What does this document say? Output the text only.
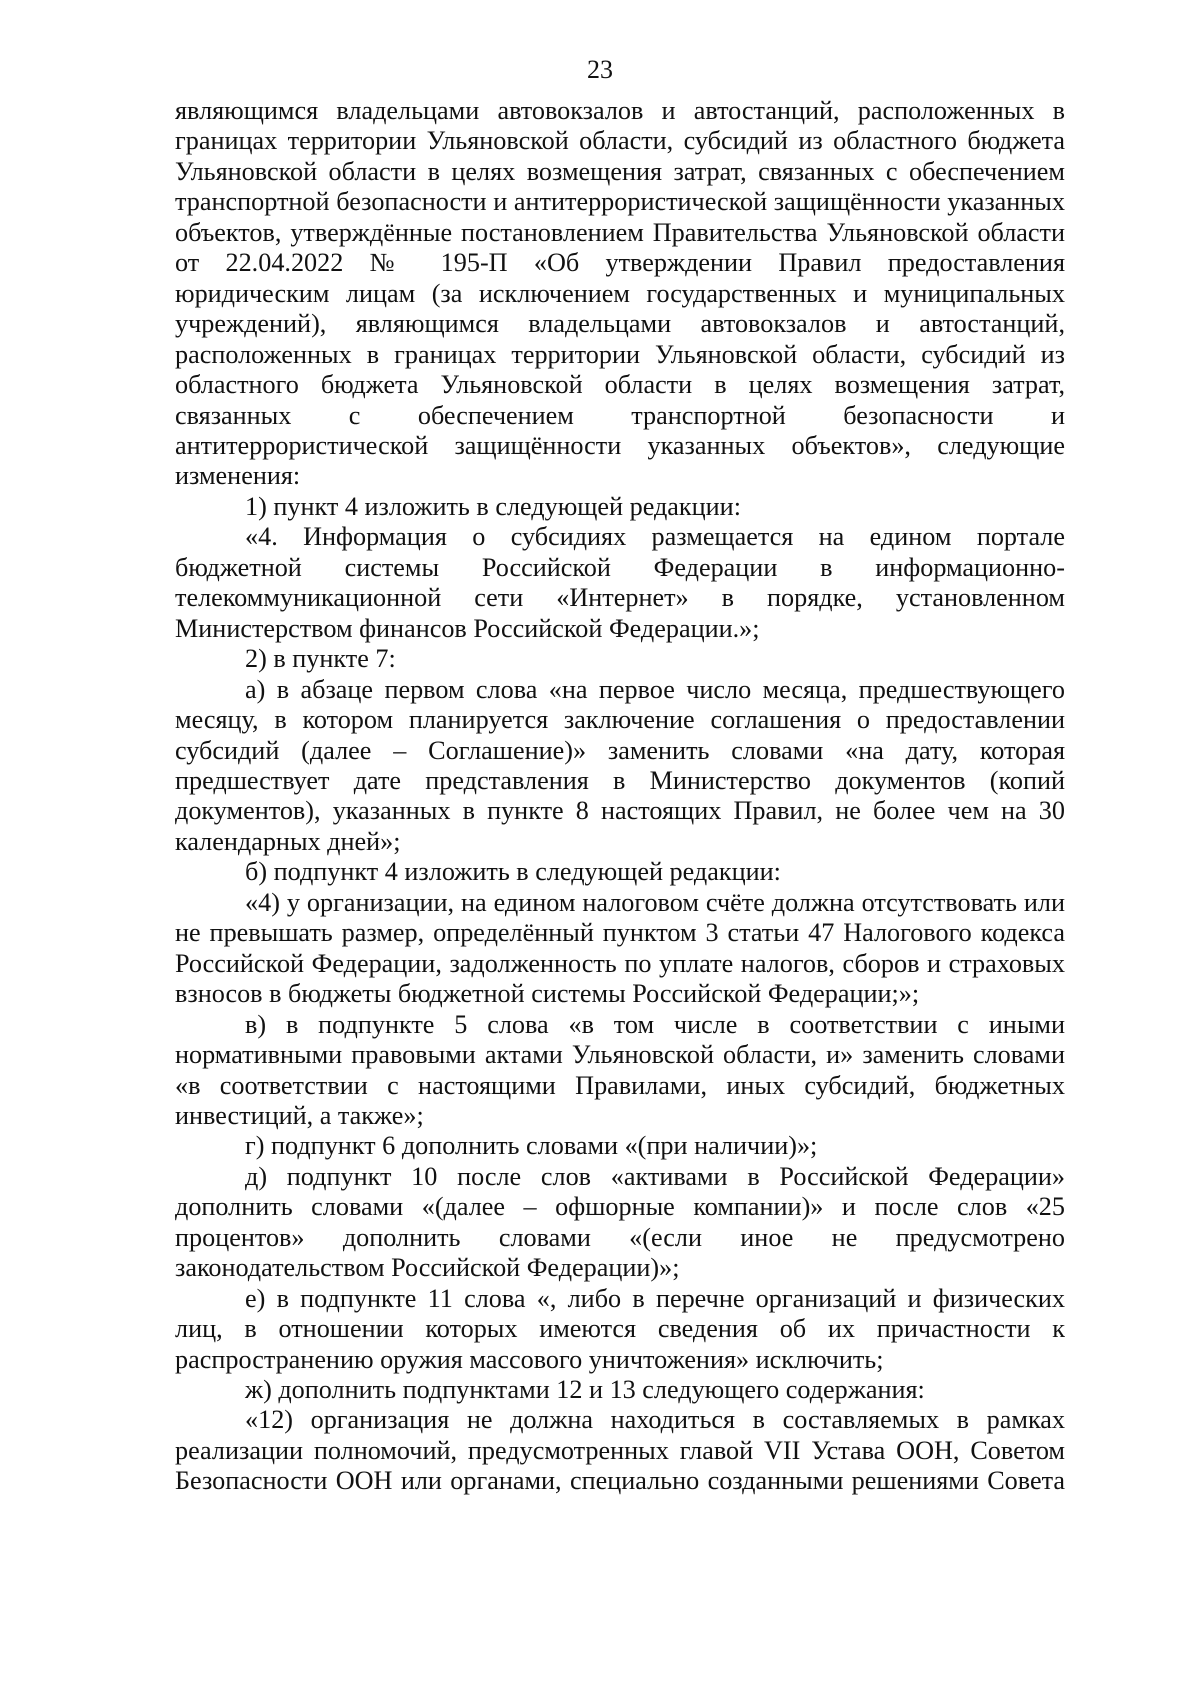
23

являющимся владельцами автовокзалов и автостанций, расположенных в границах территории Ульяновской области, субсидий из областного бюджета Ульяновской области в целях возмещения затрат, связанных с обеспечением транспортной безопасности и антитеррористической защищённости указанных объектов, утверждённые постановлением Правительства Ульяновской области от 22.04.2022 № 195-П «Об утверждении Правил предоставления юридическим лицам (за исключением государственных и муниципальных учреждений), являющимся владельцами автовокзалов и автостанций, расположенных в границах территории Ульяновской области, субсидий из областного бюджета Ульяновской области в целях возмещения затрат, связанных с обеспечением транспортной безопасности и антитеррористической защищённости указанных объектов», следующие изменения:

1) пункт 4 изложить в следующей редакции:

«4. Информация о субсидиях размещается на едином портале бюджетной системы Российской Федерации в информационно-телекоммуникационной сети «Интернет» в порядке, установленном Министерством финансов Российской Федерации.»;

2) в пункте 7:

а) в абзаце первом слова «на первое число месяца, предшествующего месяцу, в котором планируется заключение соглашения о предоставлении субсидий (далее – Соглашение)» заменить словами «на дату, которая предшествует дате представления в Министерство документов (копий документов), указанных в пункте 8 настоящих Правил, не более чем на 30 календарных дней»;

б) подпункт 4 изложить в следующей редакции:

«4) у организации, на едином налоговом счёте должна отсутствовать или не превышать размер, определённый пунктом 3 статьи 47 Налогового кодекса Российской Федерации, задолженность по уплате налогов, сборов и страховых взносов в бюджеты бюджетной системы Российской Федерации;»;

в) в подпункте 5 слова «в том числе в соответствии с иными нормативными правовыми актами Ульяновской области, и» заменить словами «в соответствии с настоящими Правилами, иных субсидий, бюджетных инвестиций, а также»;

г) подпункт 6 дополнить словами «(при наличии)»;

д) подпункт 10 после слов «активами в Российской Федерации» дополнить словами «(далее – офшорные компании)» и после слов «25 процентов» дополнить словами «(если иное не предусмотрено законодательством Российской Федерации)»;

е) в подпункте 11 слова «, либо в перечне организаций и физических лиц, в отношении которых имеются сведения об их причастности к распространению оружия массового уничтожения» исключить;

ж) дополнить подпунктами 12 и 13 следующего содержания:

«12) организация не должна находиться в составляемых в рамках реализации полномочий, предусмотренных главой VII Устава ООН, Советом Безопасности ООН или органами, специально созданными решениями Совета
